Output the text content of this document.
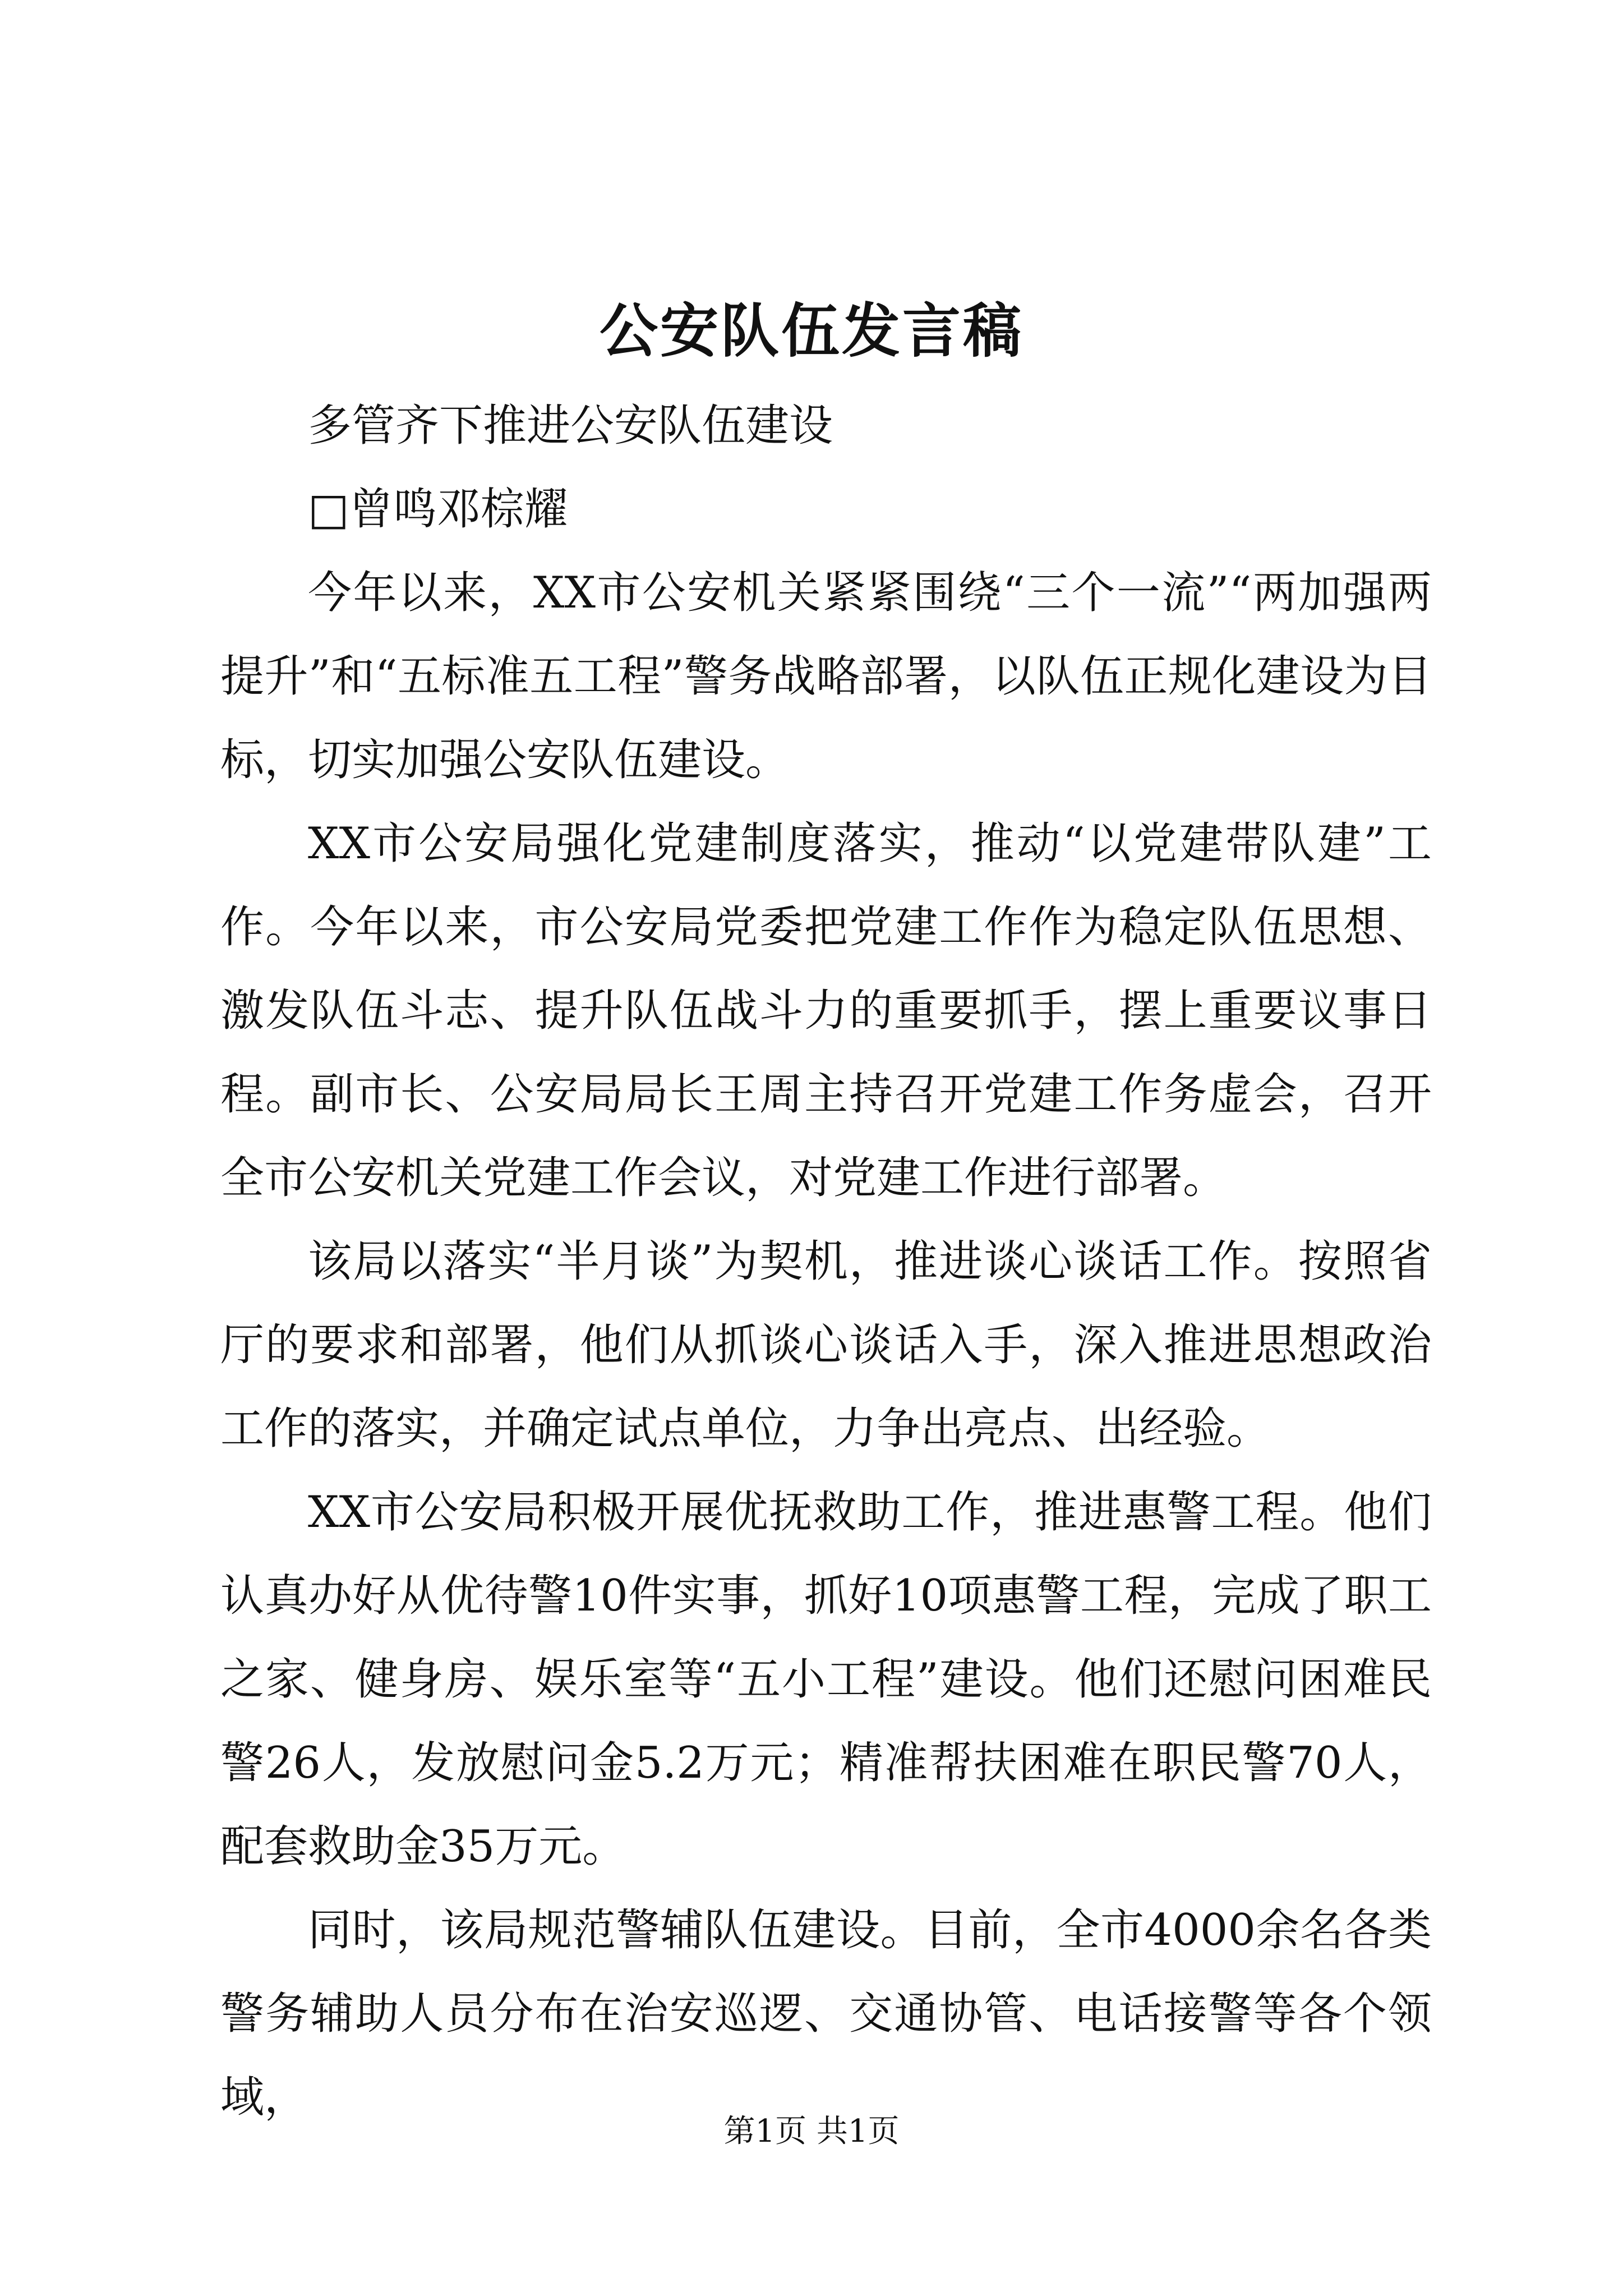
公安队伍发言稿

多管齐下推进公安队伍建设

□曾鸣邓棕耀

今年以来，XX市公安机关紧紧围绕“三个一流”“两加强两提升”和“五标准五工程”警务战略部署，以队伍正规化建设为目标，切实加强公安队伍建设。

XX市公安局强化党建制度落实，推动“以党建带队建”工作。今年以来，市公安局党委把党建工作作为稳定队伍思想、激发队伍斗志、提升队伍战斗力的重要抓手，摆上重要议事日程。副市长、公安局局长王周主持召开党建工作务虚会，召开全市公安机关党建工作会议，对党建工作进行部署。

该局以落实“半月谈”为契机，推进谈心谈话工作。按照省厅的要求和部署，他们从抓谈心谈话入手，深入推进思想政治工作的落实，并确定试点单位，力争出亮点、出经验。

XX市公安局积极开展优抚救助工作，推进惠警工程。他们认真办好从优待警10件实事，抓好10项惠警工程，完成了职工之家、健身房、娱乐室等“五小工程”建设。他们还慰问困难民警26人，发放慰问金5.2万元；精准帮扶困难在职民警70人，配套救助金35万元。

同时，该局规范警辅队伍建设。目前，全市4000余名各类警务辅助人员分布在治安巡逻、交通协管、电话接警等各个领域，

第1页 共1页
